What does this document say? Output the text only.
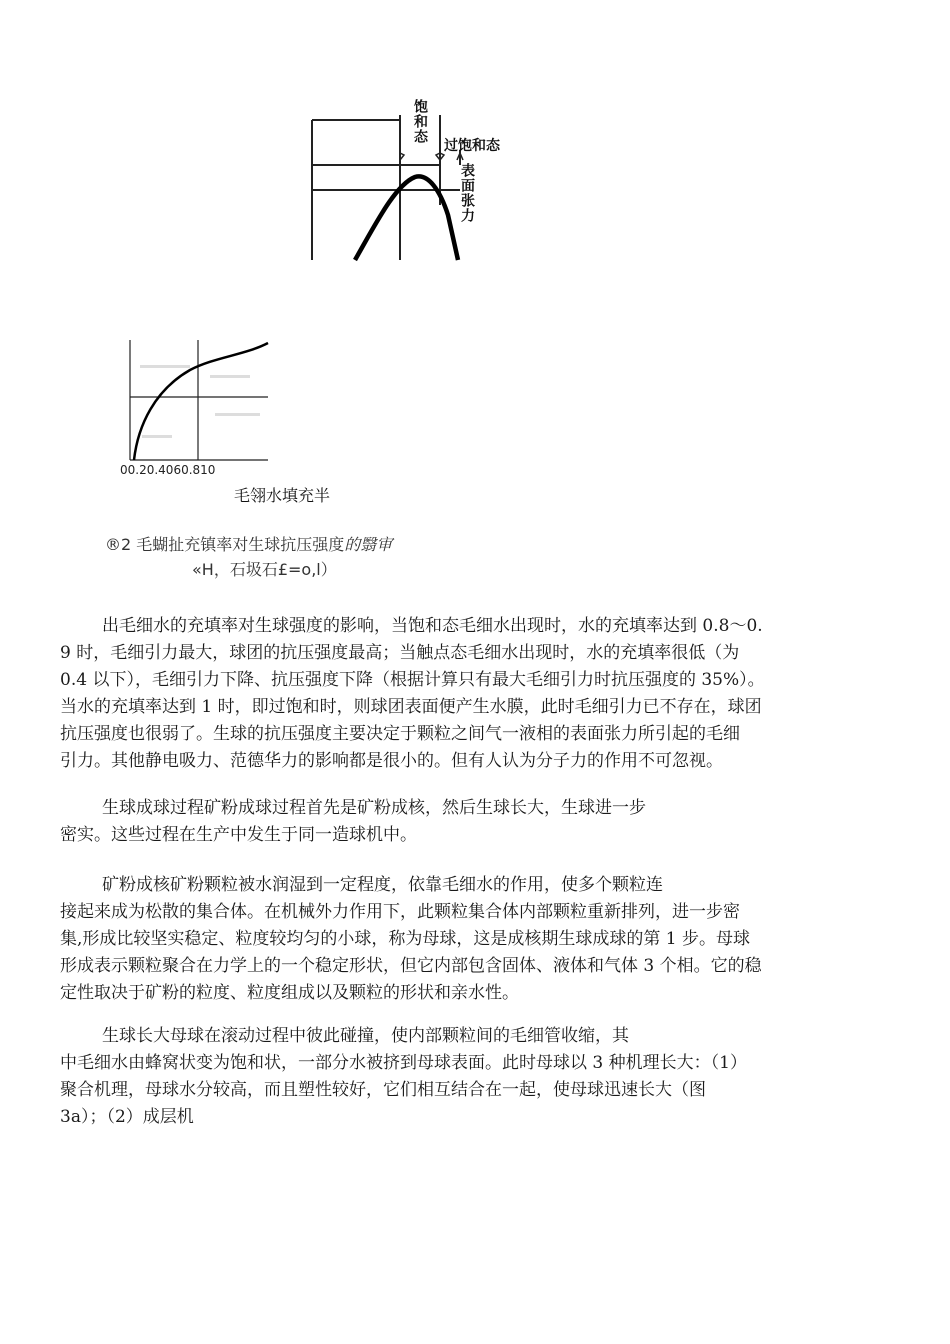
饱和态
过饱和态
表面张力
00.20.4060.810
毛翎水填充半
®2 毛蝴扯充镇率对生球抗压强度的翳审
«H，石圾石£=o,l）
出毛细水的充填率对生球强度的影响，当饱和态毛细水出现时，水的充填率达到 0.8～0.
9 时，毛细引力最大，球团的抗压强度最高；当触点态毛细水出现时，水的充填率很低（为
0.4 以下），毛细引力下降、抗压强度下降（根据计算只有最大毛细引力时抗压强度的 35%）。
当水的充填率达到 1 时，即过饱和时，则球团表面便产生水膜，此时毛细引力已不存在，球团
抗压强度也很弱了。生球的抗压强度主要决定于颗粒之间气一液相的表面张力所引起的毛细
引力。其他静电吸力、范德华力的影响都是很小的。但有人认为分子力的作用不可忽视。
生球成球过程矿粉成球过程首先是矿粉成核，然后生球长大，生球进一步
密实。这些过程在生产中发生于同一造球机中。
矿粉成核矿粉颗粒被水润湿到一定程度，依靠毛细水的作用，使多个颗粒连
接起来成为松散的集合体。在机械外力作用下，此颗粒集合体内部颗粒重新排列，进一步密
集,形成比较坚实稳定、粒度较均匀的小球，称为母球，这是成核期生球成球的第 1 步。母球
形成表示颗粒聚合在力学上的一个稳定形状，但它内部包含固体、液体和气体 3 个相。它的稳
定性取决于矿粉的粒度、粒度组成以及颗粒的形状和亲水性。
生球长大母球在滚动过程中彼此碰撞，使内部颗粒间的毛细管收缩，其
中毛细水由蜂窝状变为饱和状，一部分水被挤到母球表面。此时母球以 3 种机理长大：（1）
聚合机理，母球水分较高，而且塑性较好，它们相互结合在一起，使母球迅速长大（图
3a）；（2）成层机
